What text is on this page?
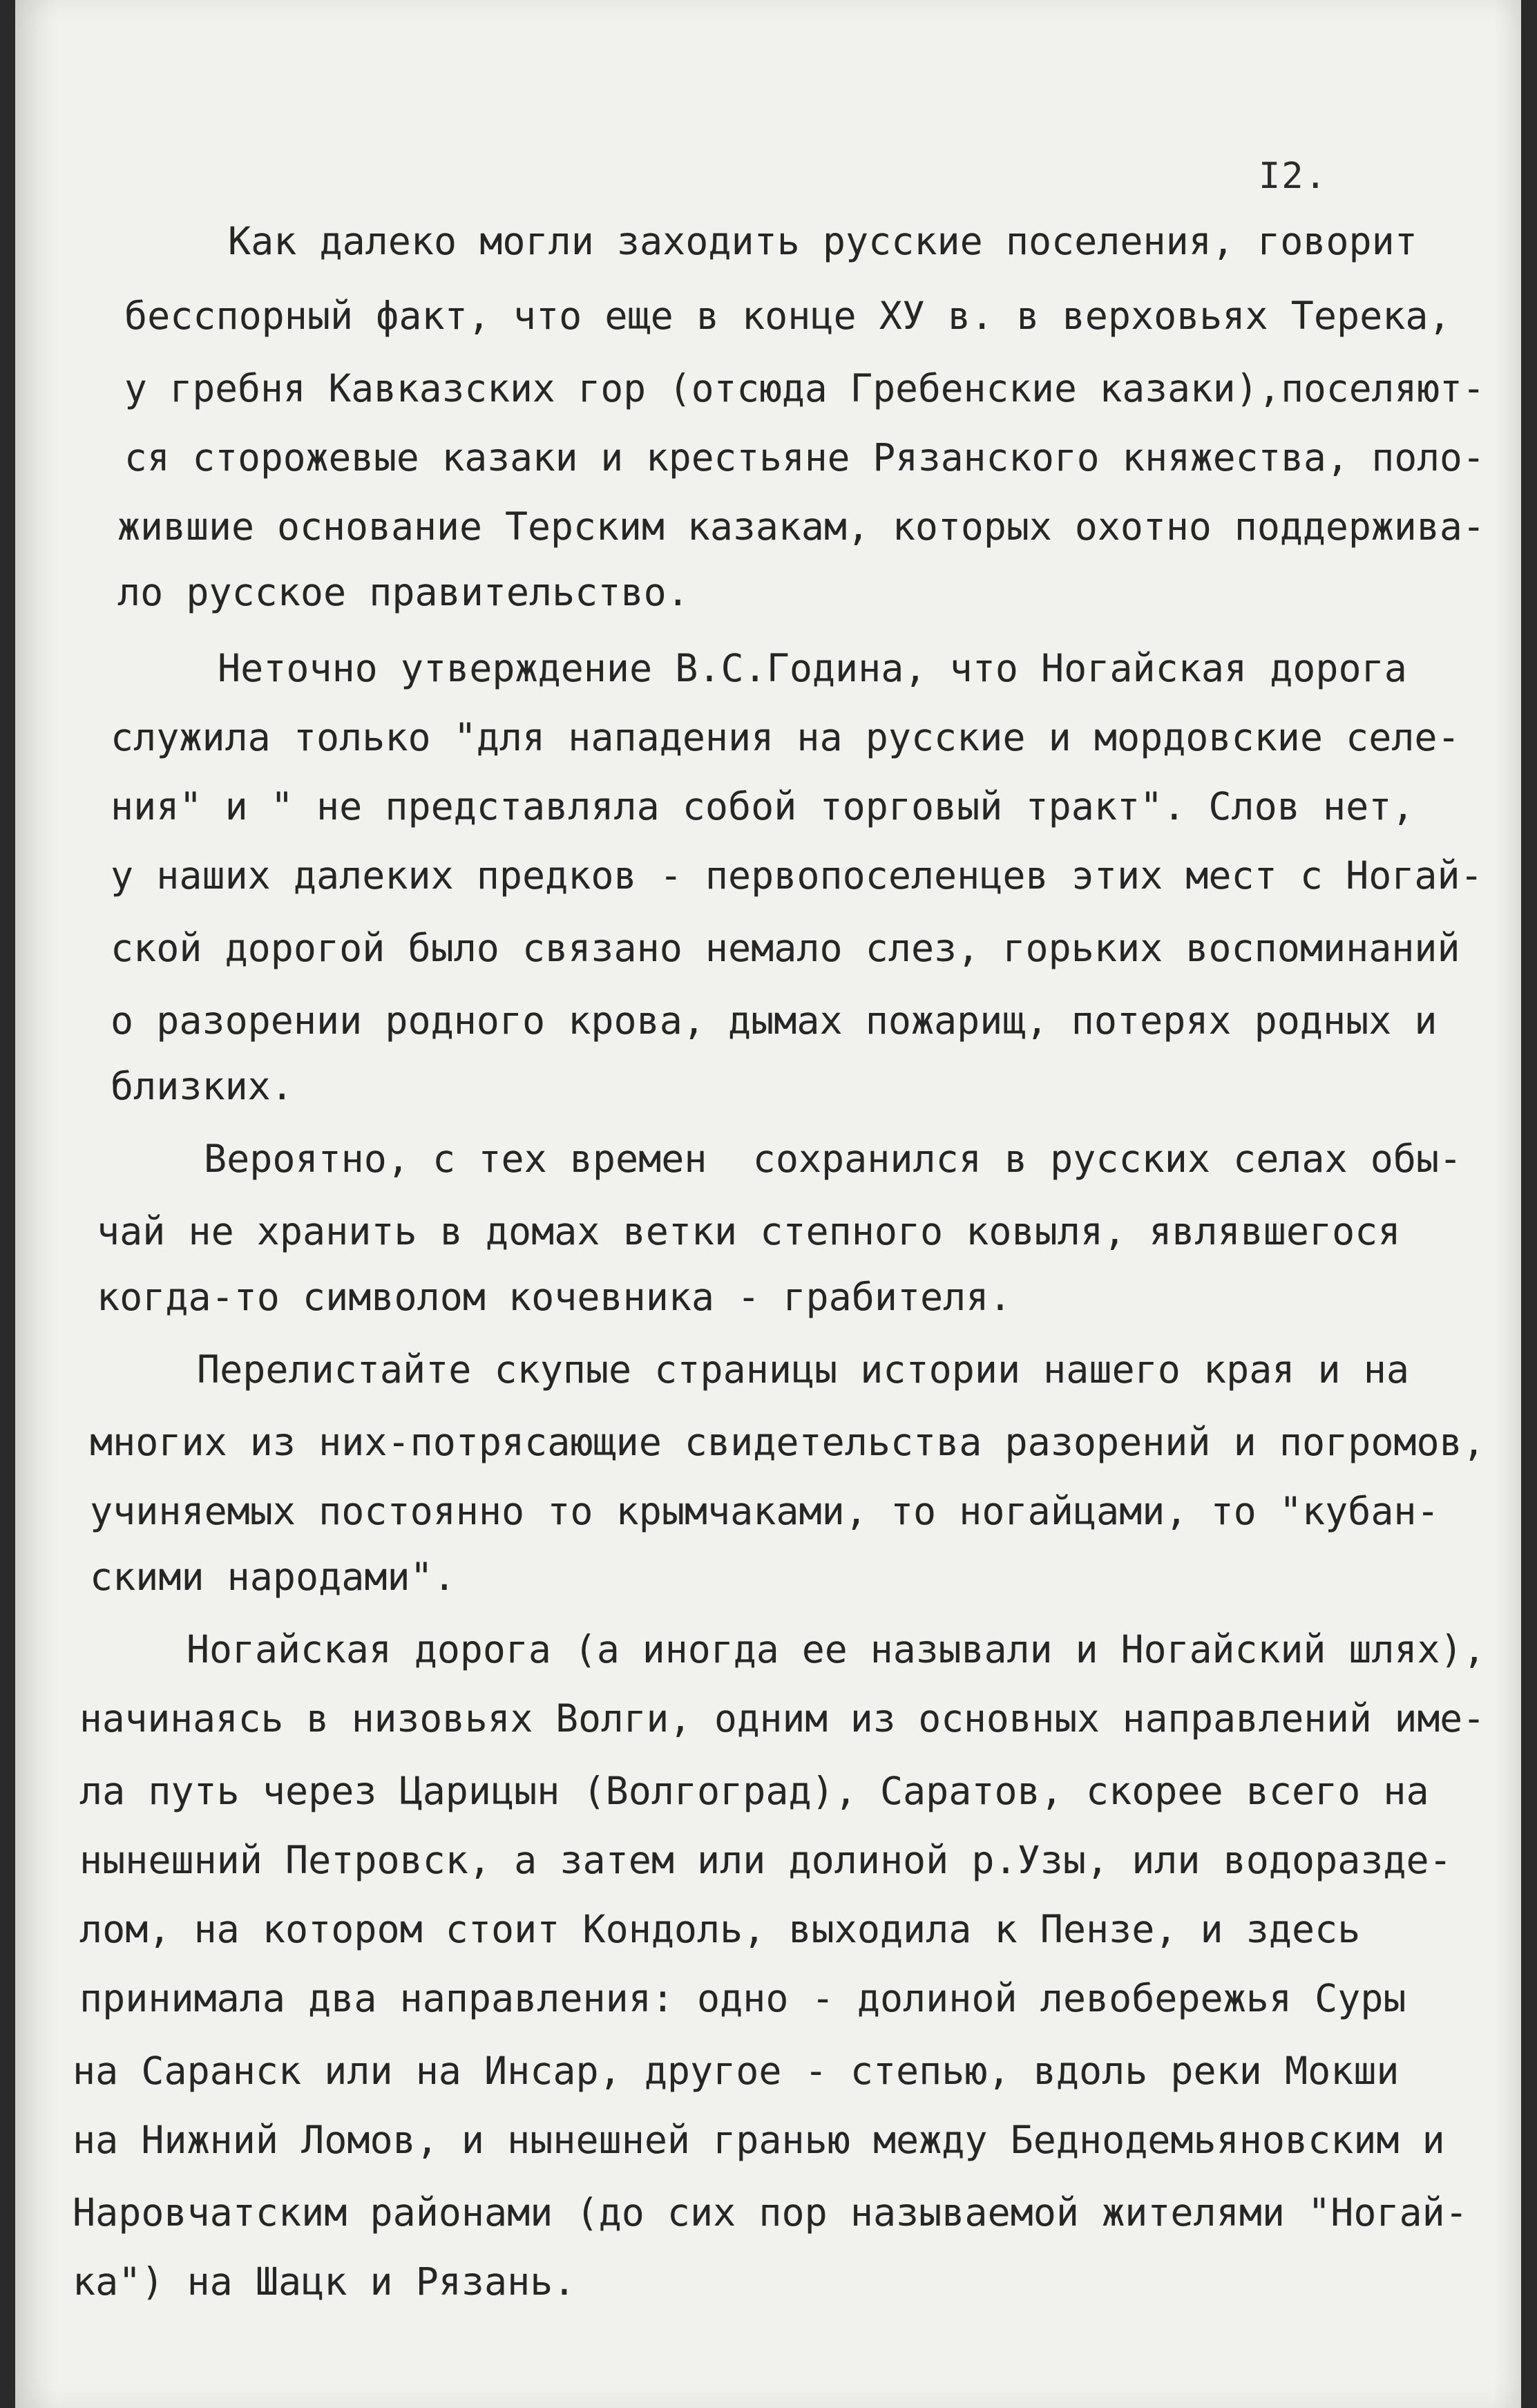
I2.
Как далеко могли заходить русские поселения, говорит
бесспорный факт, что еще в конце ХУ в. в верховьях Терека,
у гребня Кавказских гор (отсюда Гребенские казаки),поселяют-
ся сторожевые казаки и крестьяне Рязанского княжества, поло-
жившие основание Терским казакам, которых охотно поддержива-
ло русское правительство.
Неточно утверждение В.С.Година, что Ногайская дорога
служила только "для нападения на русские и мордовские селе-
ния" и " не представляла собой торговый тракт". Слов нет,
у наших далеких предков - первопоселенцев этих мест с Ногай-
ской дорогой было связано немало слез, горьких воспоминаний
о разорении родного крова, дымах пожарищ, потерях родных и
близких.
Вероятно, с тех времен  сохранился в русских селах обы-
чай не хранить в домах ветки степного ковыля, являвшегося
когда-то символом кочевника - грабителя.
Перелистайте скупые страницы истории нашего края и на
многих из них-потрясающие свидетельства разорений и погромов,
учиняемых постоянно то крымчаками, то ногайцами, то "кубан-
скими народами".
Ногайская дорога (а иногда ее называли и Ногайский шлях),
начинаясь в низовьях Волги, одним из основных направлений име-
ла путь через Царицын (Волгоград), Саратов, скорее всего на
нынешний Петровск, а затем или долиной р.Узы, или водоразде-
лом, на котором стоит Кондоль, выходила к Пензе, и здесь
принимала два направления: одно - долиной левобережья Суры
на Саранск или на Инсар, другое - степью, вдоль реки Мокши
на Нижний Ломов, и нынешней гранью между Беднодемьяновским и
Наровчатским районами (до сих пор называемой жителями "Ногай-
ка") на Шацк и Рязань.
